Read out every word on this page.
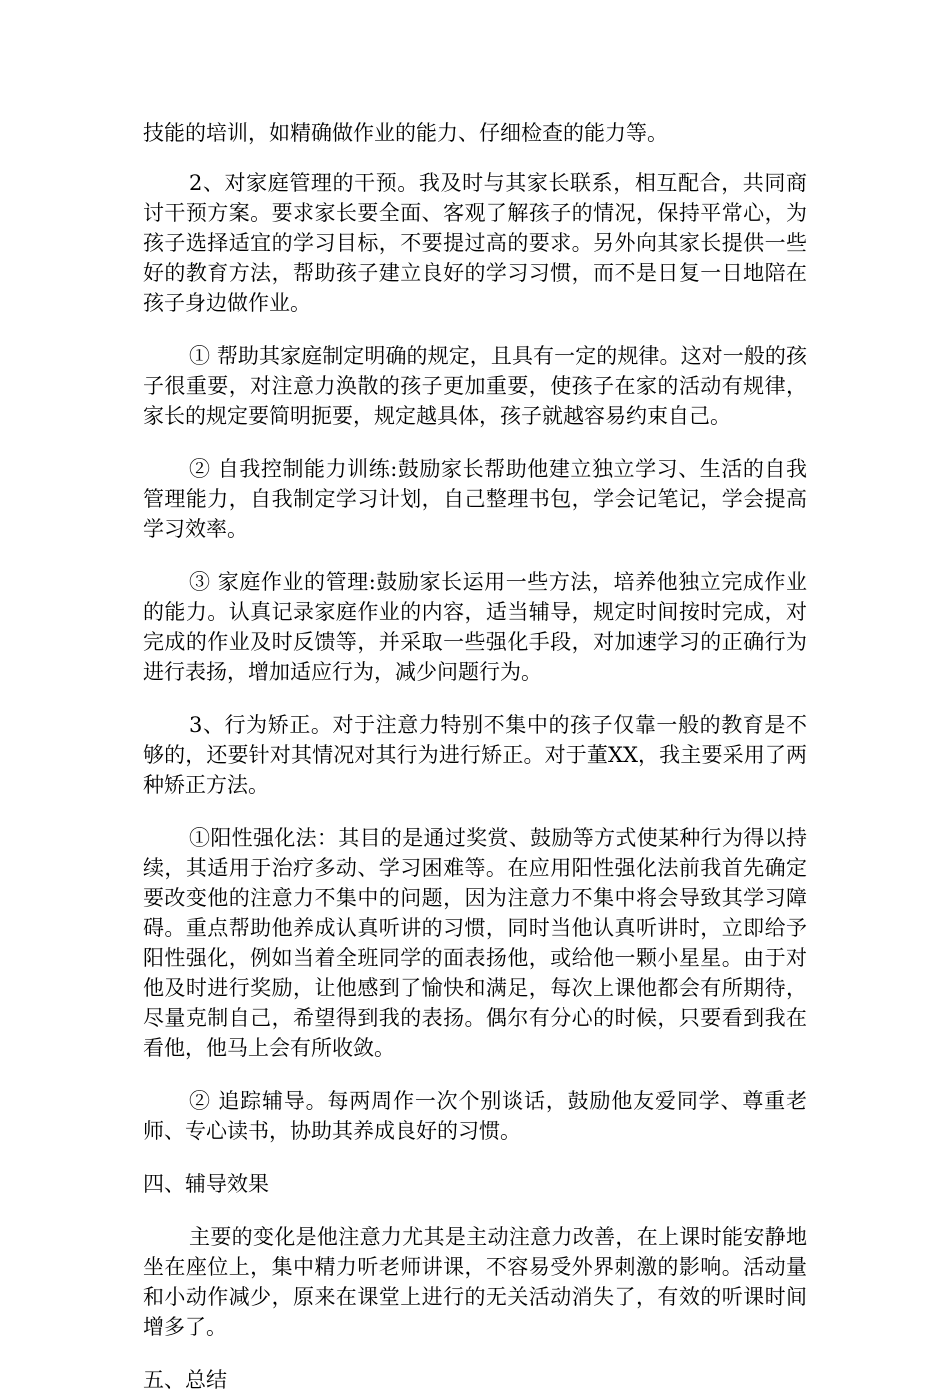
技能的培训，如精确做作业的能力、仔细检查的能力等。

2、对家庭管理的干预。我及时与其家长联系，相互配合，共同商讨干预方案。要求家长要全面、客观了解孩子的情况，保持平常心，为孩子选择适宜的学习目标，不要提过高的要求。另外向其家长提供一些好的教育方法，帮助孩子建立良好的学习习惯，而不是日复一日地陪在孩子身边做作业。

① 帮助其家庭制定明确的规定，且具有一定的规律。这对一般的孩子很重要，对注意力涣散的孩子更加重要，使孩子在家的活动有规律，家长的规定要简明扼要，规定越具体，孩子就越容易约束自己。

② 自我控制能力训练:鼓励家长帮助他建立独立学习、生活的自我管理能力，自我制定学习计划，自己整理书包，学会记笔记，学会提高学习效率。

③ 家庭作业的管理:鼓励家长运用一些方法，培养他独立完成作业的能力。认真记录家庭作业的内容，适当辅导，规定时间按时完成，对完成的作业及时反馈等，并采取一些强化手段，对加速学习的正确行为进行表扬，增加适应行为，减少问题行为。

3、行为矫正。对于注意力特别不集中的孩子仅靠一般的教育是不够的，还要针对其情况对其行为进行矫正。对于董XX，我主要采用了两种矫正方法。

①阳性强化法：其目的是通过奖赏、鼓励等方式使某种行为得以持续，其适用于治疗多动、学习困难等。在应用阳性强化法前我首先确定要改变他的注意力不集中的问题，因为注意力不集中将会导致其学习障碍。重点帮助他养成认真听讲的习惯，同时当他认真听讲时，立即给予阳性强化，例如当着全班同学的面表扬他，或给他一颗小星星。由于对他及时进行奖励，让他感到了愉快和满足，每次上课他都会有所期待，尽量克制自己，希望得到我的表扬。偶尔有分心的时候，只要看到我在看他，他马上会有所收敛。

② 追踪辅导。每两周作一次个别谈话，鼓励他友爱同学、尊重老师、专心读书，协助其养成良好的习惯。

四、辅导效果

主要的变化是他注意力尤其是主动注意力改善，在上课时能安静地坐在座位上，集中精力听老师讲课，不容易受外界刺激的影响。活动量和小动作减少，原来在课堂上进行的无关活动消失了，有效的听课时间增多了。

五、总结
